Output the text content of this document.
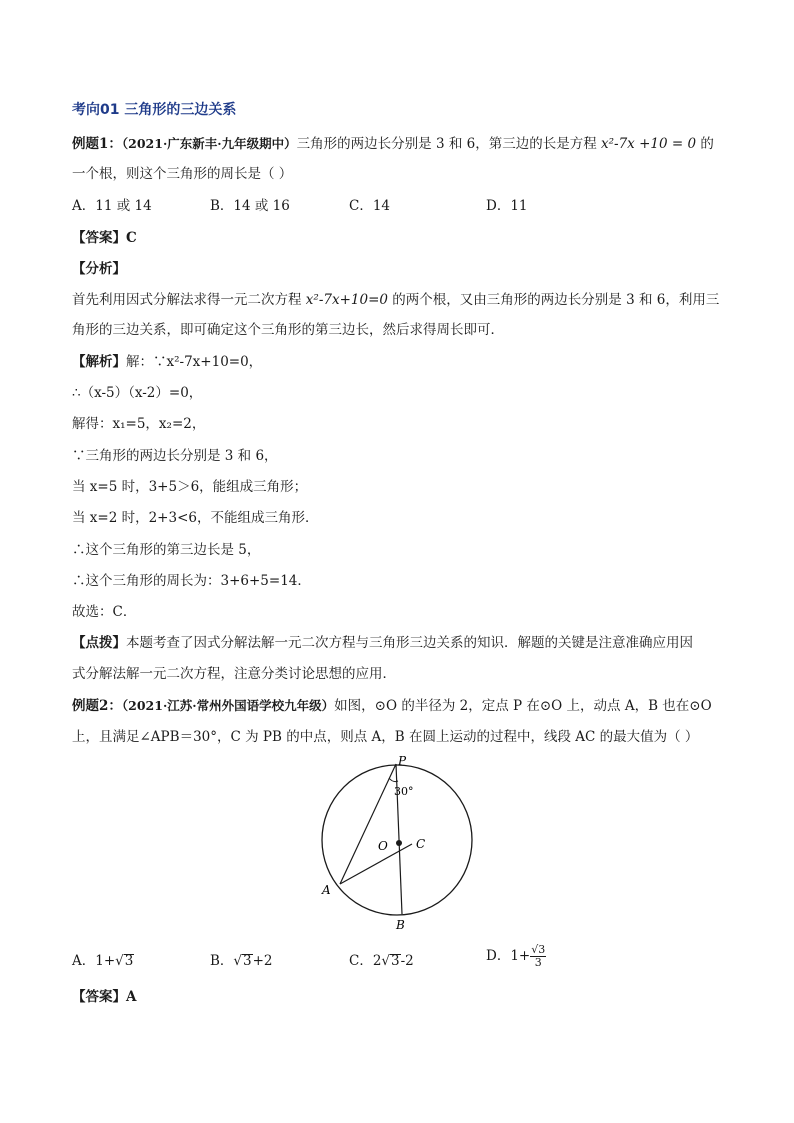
考向01 三角形的三边关系
例题1：（2021·广东新丰·九年级期中）三角形的两边长分别是 3 和 6，第三边的长是方程 x²-7x +10 = 0 的
一个根，则这个三角形的周长是（ ）
A．11 或 14	B．14 或 16	C．14	D．11
【答案】C
【分析】
首先利用因式分解法求得一元二次方程 x²-7x+10=0 的两个根，又由三角形的两边长分别是 3 和 6，利用三
角形的三边关系，即可确定这个三角形的第三边长，然后求得周长即可．
【解析】解：∵x²-7x+10=0，
∴（x-5）（x-2）=0，
解得：x₁=5，x₂=2，
∵三角形的两边长分别是 3 和 6，
当 x=5 时，3+5＞6，能组成三角形；
当 x=2 时，2+3<6，不能组成三角形．
∴这个三角形的第三边长是 5，
∴这个三角形的周长为：3+6+5=14．
故选：C．
【点拨】本题考查了因式分解法解一元二次方程与三角形三边关系的知识．解题的关键是注意准确应用因
式分解法解一元二次方程，注意分类讨论思想的应用．
例题2：（2021·江苏·常州外国语学校九年级）如图，⊙O 的半径为 2，定点 P 在⊙O 上，动点 A，B 也在⊙O
上，且满足∠APB＝30°，C 为 PB 的中点，则点 A，B 在圆上运动的过程中，线段 AC 的最大值为（ ）
P
A
B
C
O
30°
A．1+√3	B．√3+2	C．2√3-2	D．$1+ \frac{√3}{3}$
【答案】A
